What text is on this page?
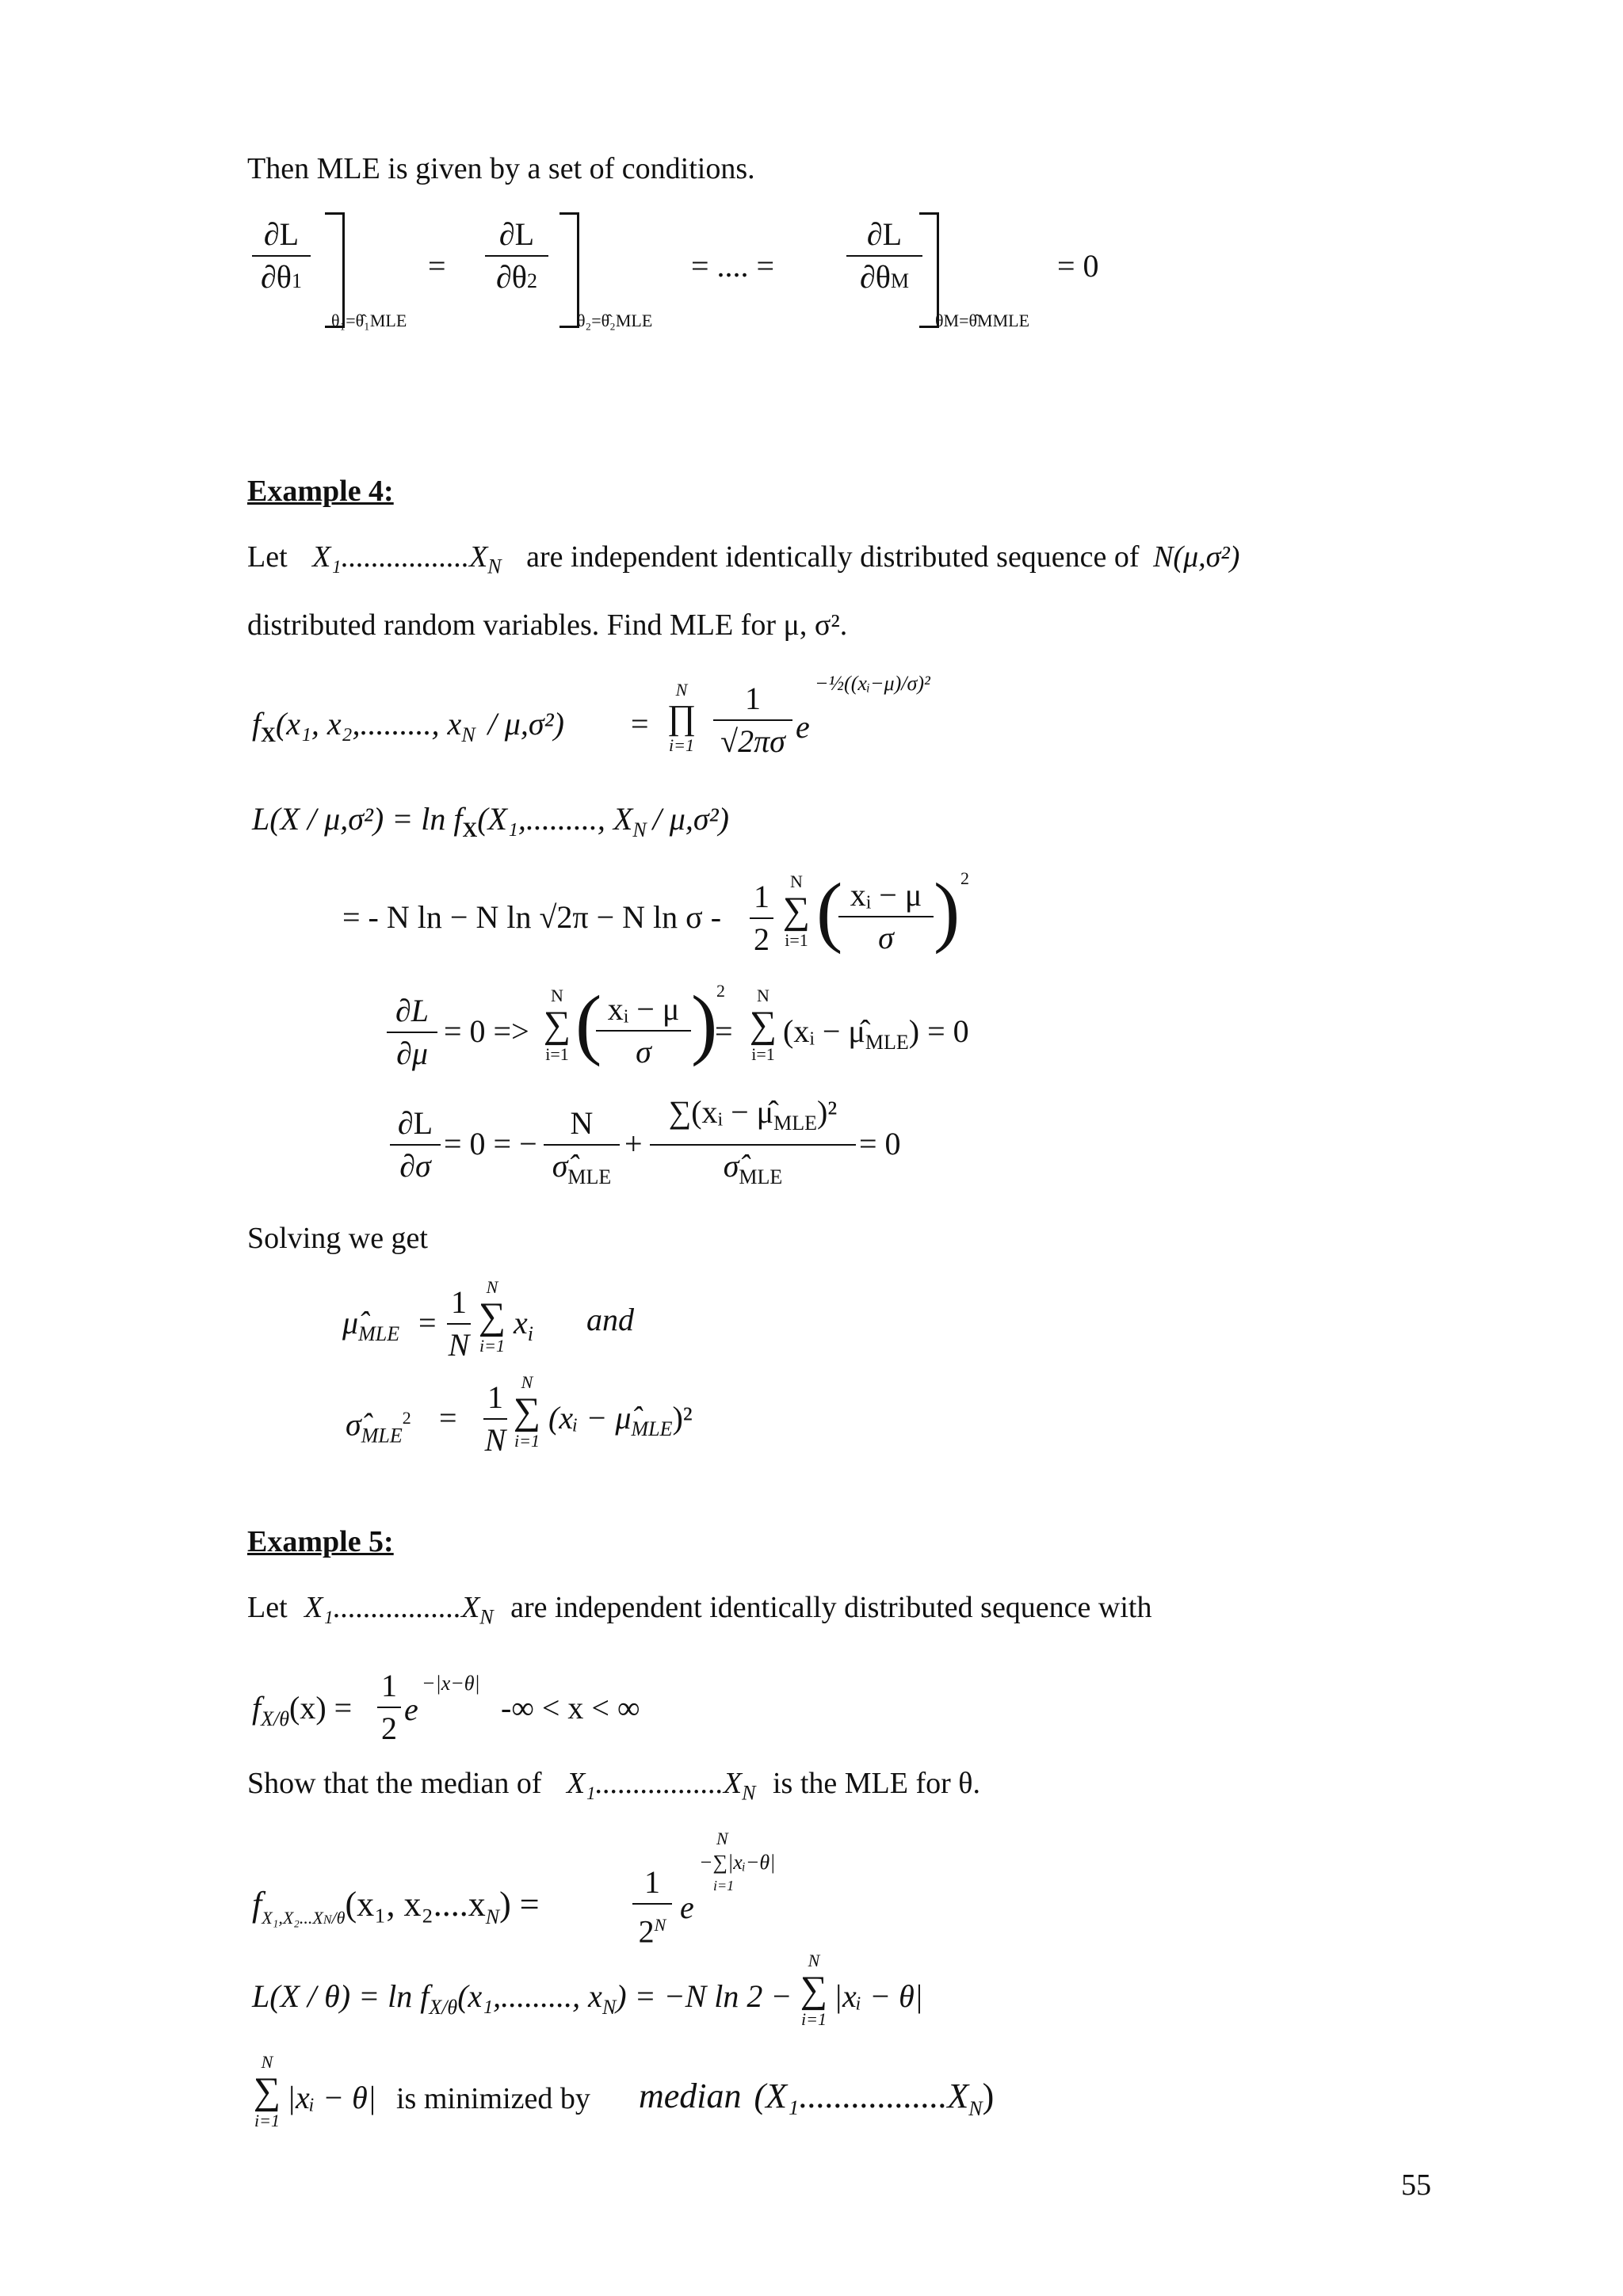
Then MLE is given by a set of conditions.
∂L
∂θ1
θ₁=θ̂₁MLE
=
∂L
∂θ2
θ₂=θ̂₂MLE
= .... =
∂L
∂θM
θM=θ̂MMLE
= 0
Example 4:
Let $X_1.................X_N$ are independent identically distributed sequence of N(μ,σ²)
distributed random variables. Find MLE for μ, σ².
$f_X(x_1$, x₂,........., $x_N / \mu,\sigma^2$) =
N
∏
i=1
1
√2πσ e
−½((xᵢ−μ)/σ)²
$L(X / \mu,\sigma^2) = \ln f_X(X_1$,........., $X_N / \mu,\sigma^2$)
= - N ln − N ln √2π − N ln σ -
1
2
N
∑
i=1 ( xᵢ − μ
σ ) 2
∂L
∂μ
= 0 =>
N
∑
i=1 ( xᵢ − μ
σ )
2
=
N
∑
i=1
(xᵢ − $\mû_{MLE}) = 0$
∂L
∂σ
= 0 = −
N
$\sigmâ_{MLE}$
+
∑(xᵢ − $\mû_{MLE})^2$
$\sigmâ_{MLE}$
= 0
Solving we get
$\mû_{MLE}$ =
1
N
N
∑
i=1
$x_i$ and
$\sigmâ_{MLE}^2$ =
1
N
N
∑
i=1
(xᵢ − $\mû_{MLE})^2$
Example 5:
Let $X_1.................X_N$ are independent identically distributed sequence with
$f_{X/\theta}(x)$ =
1
2
e
−|x−θ|
-∞ < x < ∞
Show that the median of $X_1.................X_N$ is the MLE for θ.
$f_{X_1,X_2...XN/\theta}(x_1$, $x_2....x_N$) =
1
$2^N$ e
−∑|xᵢ−θ|
N
i=1
$L(X / \theta) = \ln f_{X/\theta}(x_1$,........., $x_N) = -N$ ln 2 −
N
∑
i=1
|xᵢ − θ|
N
∑
i=1
|xᵢ − θ| is minimized by median $(X_1.................X_N)$
55
